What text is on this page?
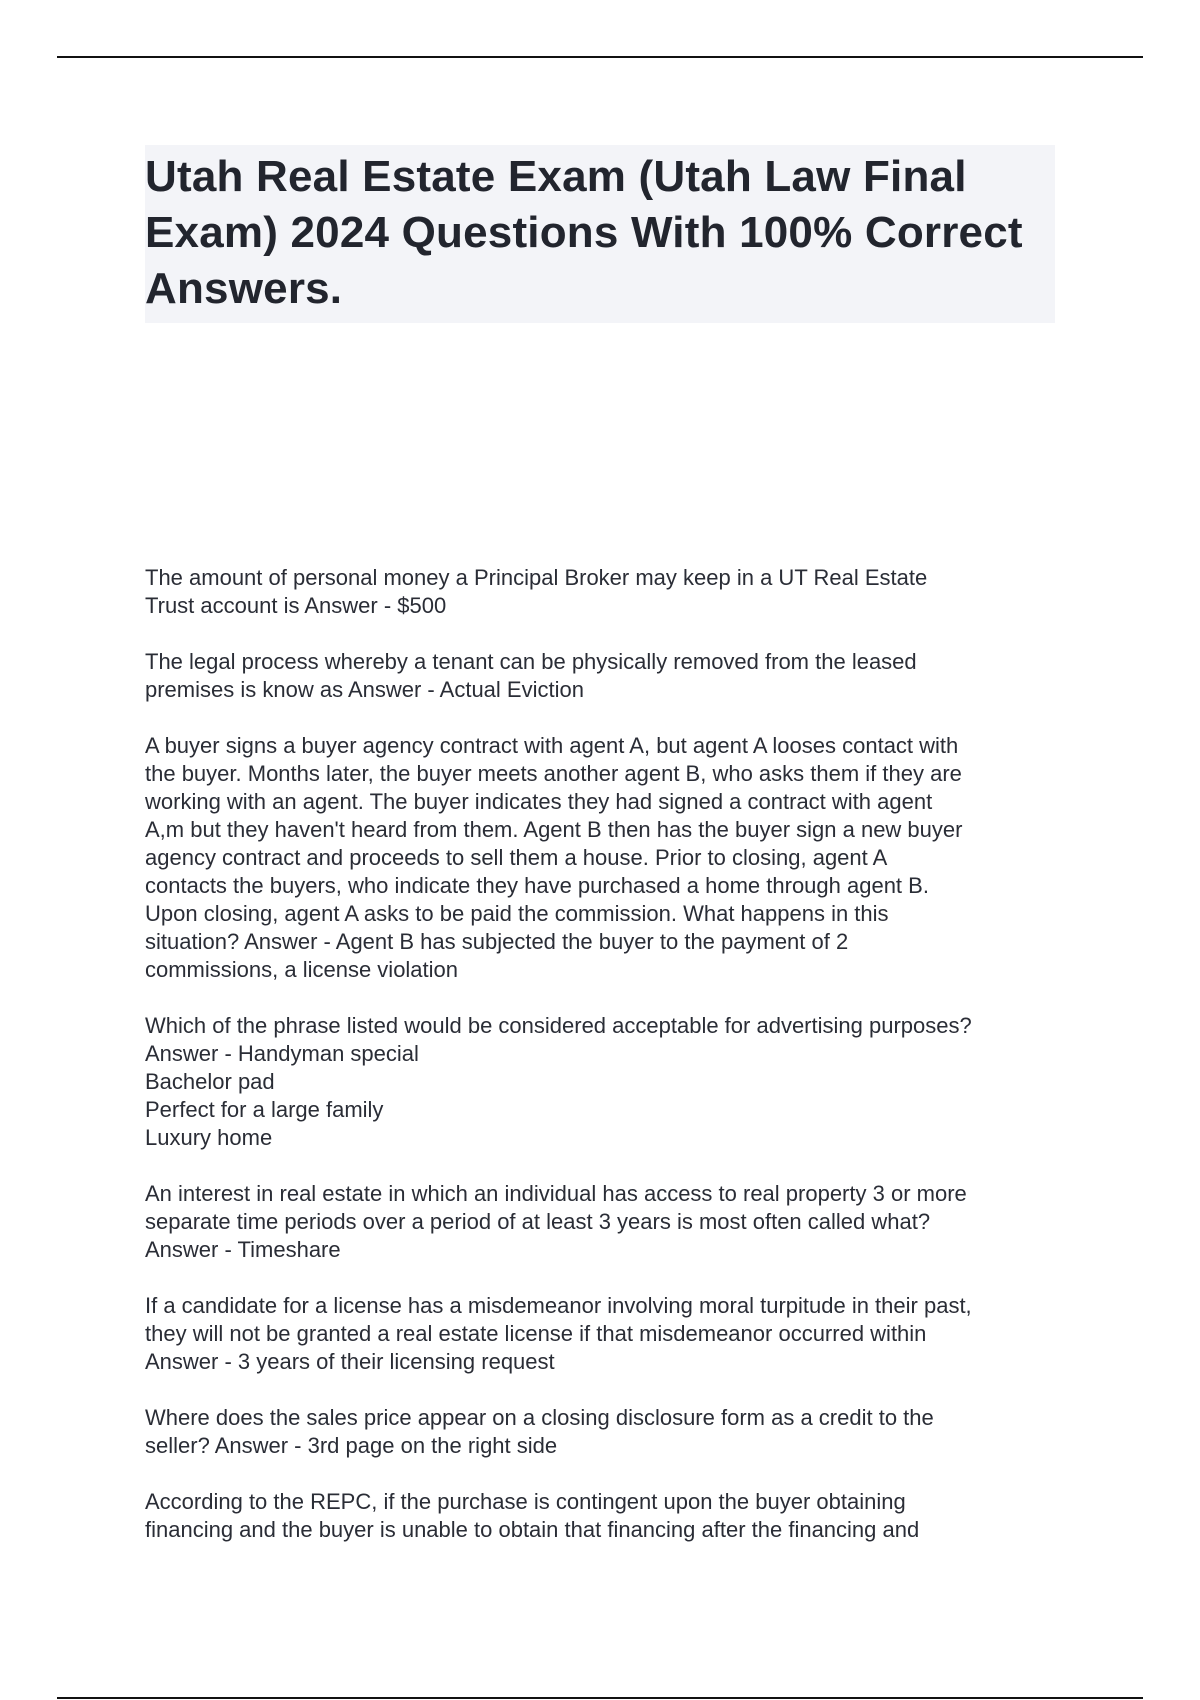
Utah Real Estate Exam (Utah Law Final Exam) 2024 Questions With 100% Correct Answers.

The amount of personal money a Principal Broker may keep in a UT Real Estate
Trust account is Answer - $500

The legal process whereby a tenant can be physically removed from the leased
premises is know as Answer - Actual Eviction

A buyer signs a buyer agency contract with agent A, but agent A looses contact with
the buyer. Months later, the buyer meets another agent B, who asks them if they are
working with an agent. The buyer indicates they had signed a contract with agent
A,m but they haven't heard from them. Agent B then has the buyer sign a new buyer
agency contract and proceeds to sell them a house. Prior to closing, agent A
contacts the buyers, who indicate they have purchased a home through agent B.
Upon closing, agent A asks to be paid the commission. What happens in this
situation? Answer - Agent B has subjected the buyer to the payment of 2
commissions, a license violation

Which of the phrase listed would be considered acceptable for advertising purposes?
Answer - Handyman special
Bachelor pad
Perfect for a large family
Luxury home

An interest in real estate in which an individual has access to real property 3 or more
separate time periods over a period of at least 3 years is most often called what?
Answer - Timeshare

If a candidate for a license has a misdemeanor involving moral turpitude in their past,
they will not be granted a real estate license if that misdemeanor occurred within
Answer - 3 years of their licensing request

Where does the sales price appear on a closing disclosure form as a credit to the
seller? Answer - 3rd page on the right side

According to the REPC, if the purchase is contingent upon the buyer obtaining
financing and the buyer is unable to obtain that financing after the financing and
